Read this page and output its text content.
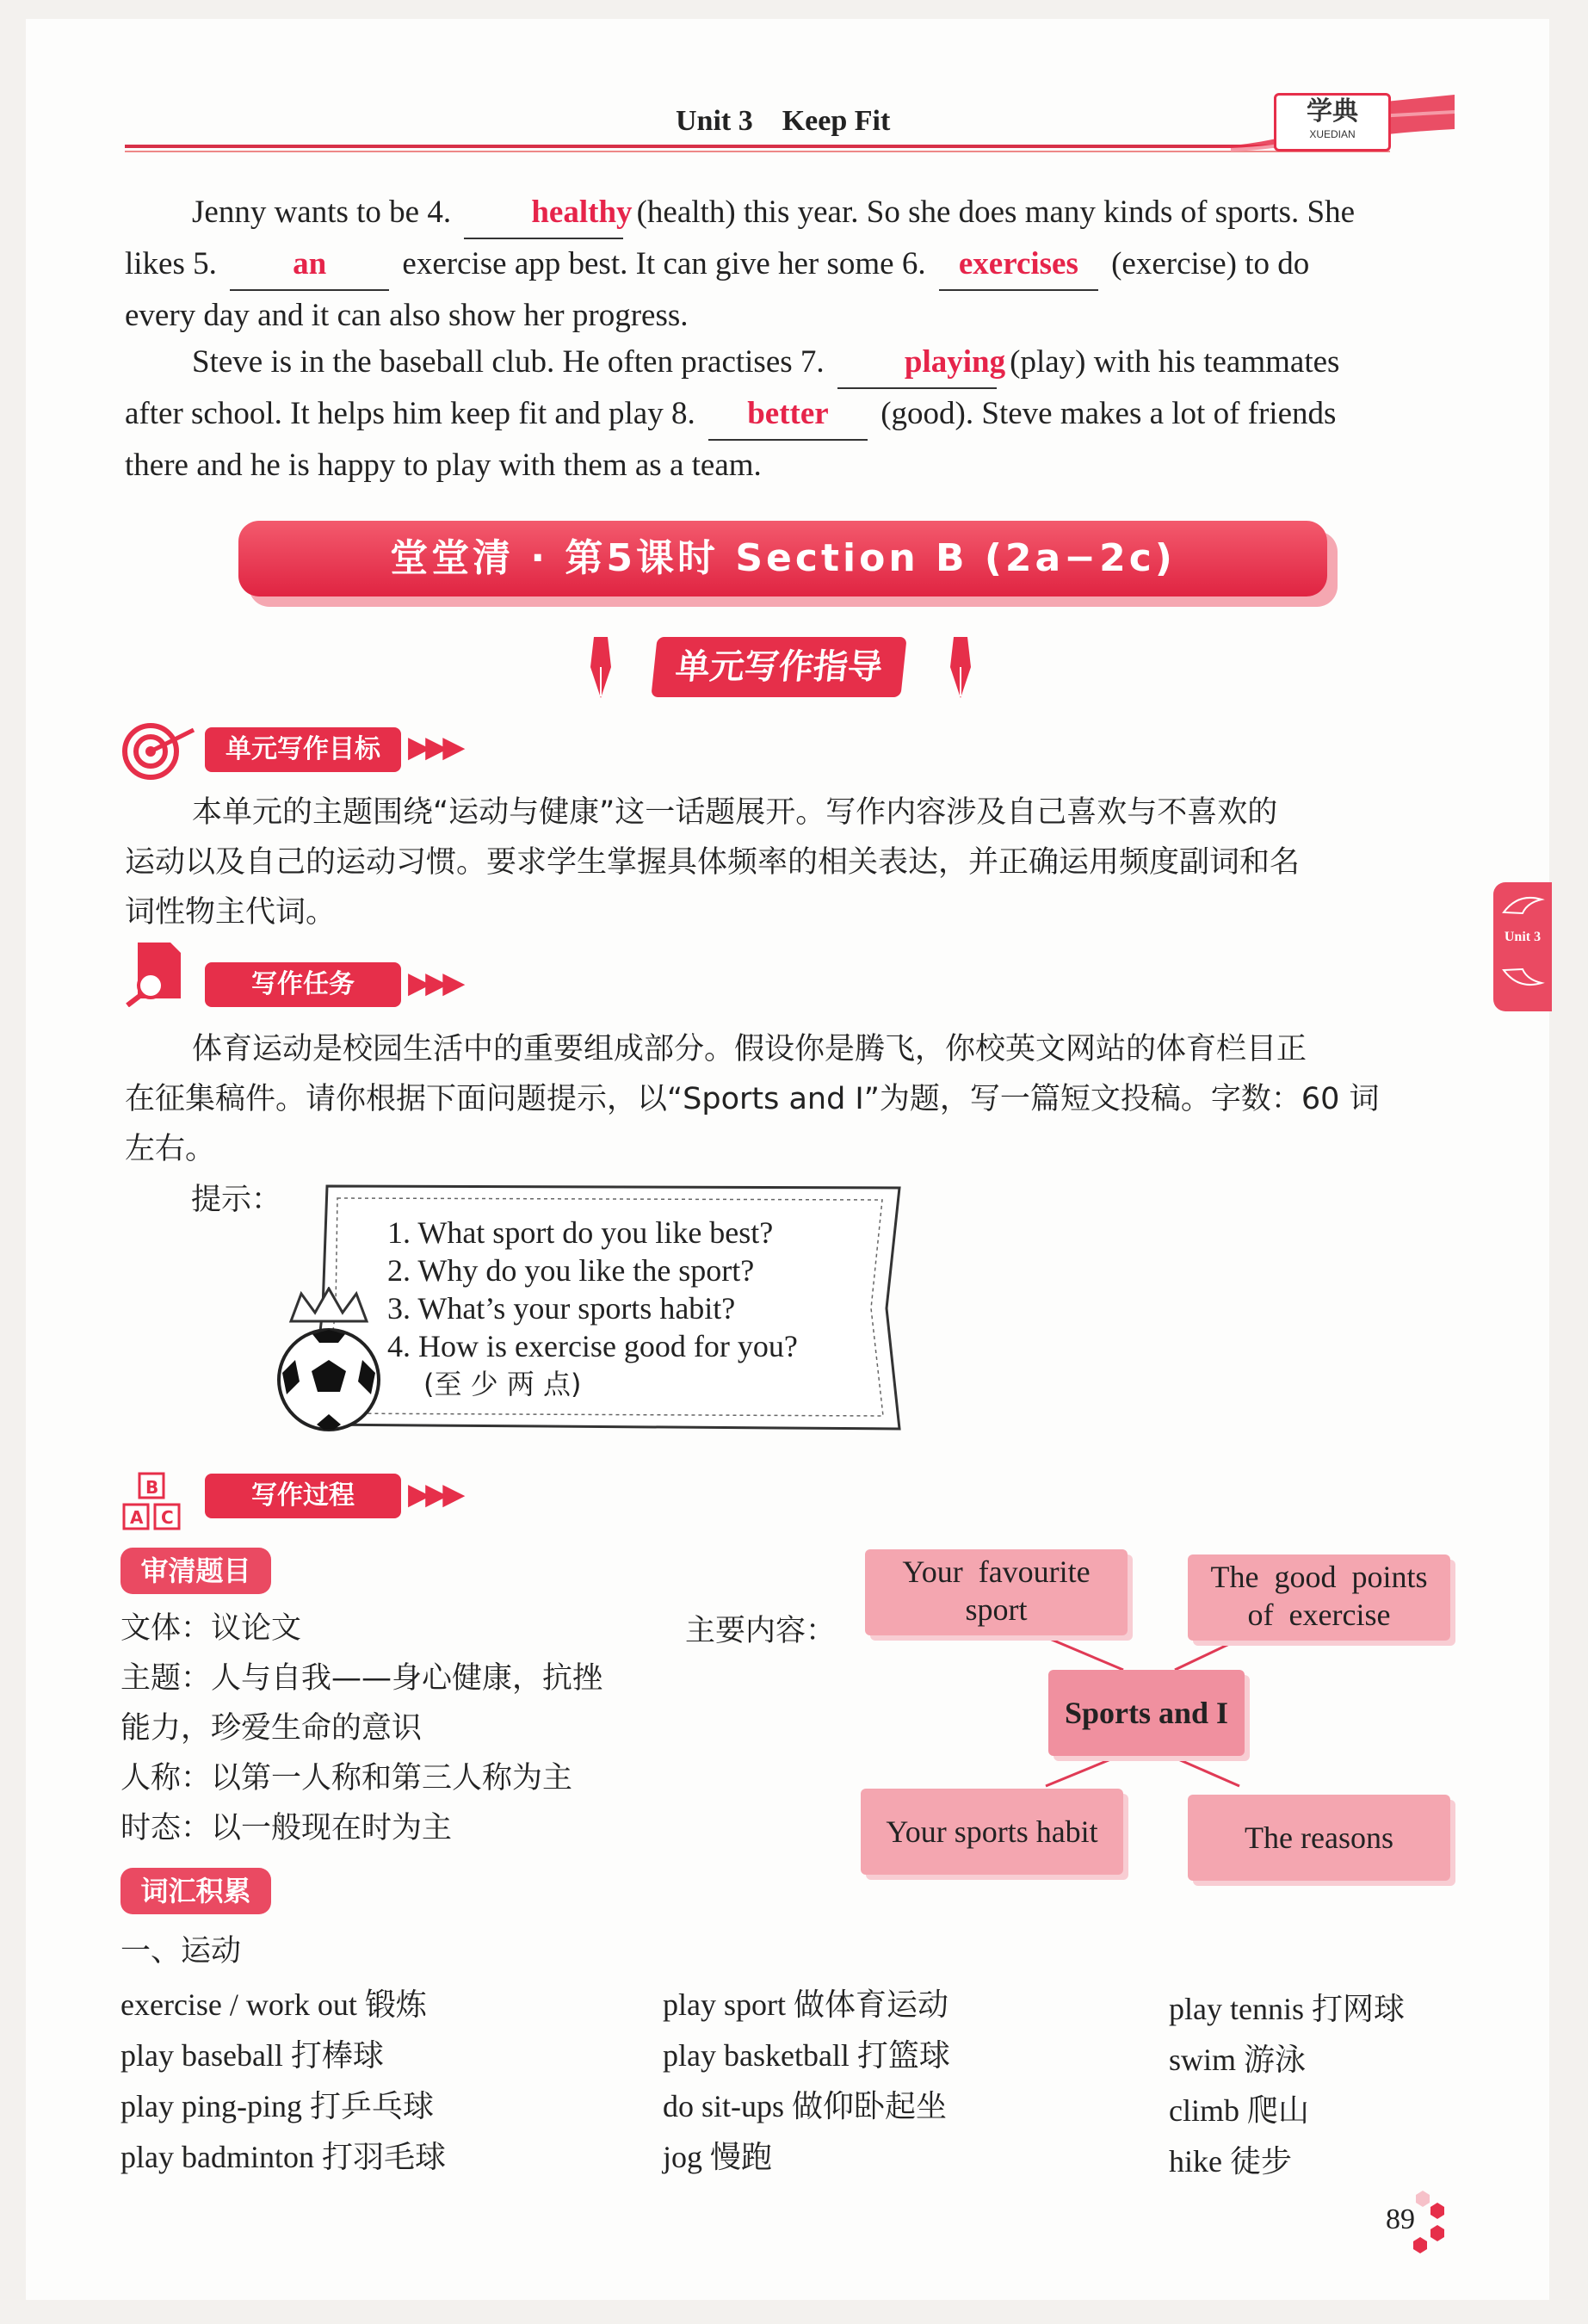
Unit 3    Keep Fit	学典
XUEDIAN
Jenny wants to be 4.	healthy (health) this year. So she does many kinds of sports. She
likes 5. an exercise app best. It can give her some 6. exercises (exercise) to do
every day and it can also show her progress.
Steve is in the baseball club. He often practises 7.	playing (play) with his teammates
after school. It helps him keep fit and play 8. better (good). Steve makes a lot of friends
there and he is happy to play with them as a team.
堂堂清 · 第5课时 Section B (2a−2c)
单元写作指导
单元写作目标 ▶▶▶
本单元的主题围绕“运动与健康”这一话题展开。写作内容涉及自己喜欢与不喜欢的
运动以及自己的运动习惯。要求学生掌握具体频率的相关表达，并正确运用频度副词和名
词性物主代词。
写作任务	▶▶▶
体育运动是校园生活中的重要组成部分。假设你是腾飞，你校英文网站的体育栏目正
在征集稿件。请你根据下面问题提示，以“Sports and I”为题，写一篇短文投稿。字数：60 词
左右。
提示：
1. What sport do you like best?
2. Why do you like the sport?
3. What’s your sports habit?
4. How is exercise good for you?
(至 少 两 点)
B
A C
写作过程	▶▶▶
审清题目
文体：议论文
主题：人与自我——身心健康，抗挫
能力，珍爱生命的意识
人称：以第一人称和第三人称为主
时态：以一般现在时为主
主要内容：
Your  favourite
sport
The  good  points
of  exercise
Sports and I
Your sports habit	The reasons
词汇积累
一、运动
exercise / work out 锻炼
play baseball 打棒球
play ping-ping 打乒乓球
play badminton 打羽毛球
play sport 做体育运动
play basketball 打篮球
do sit-ups 做仰卧起坐
jog 慢跑
play tennis 打网球
swim 游泳
climb 爬山
hike 徒步
Unit 3
89
